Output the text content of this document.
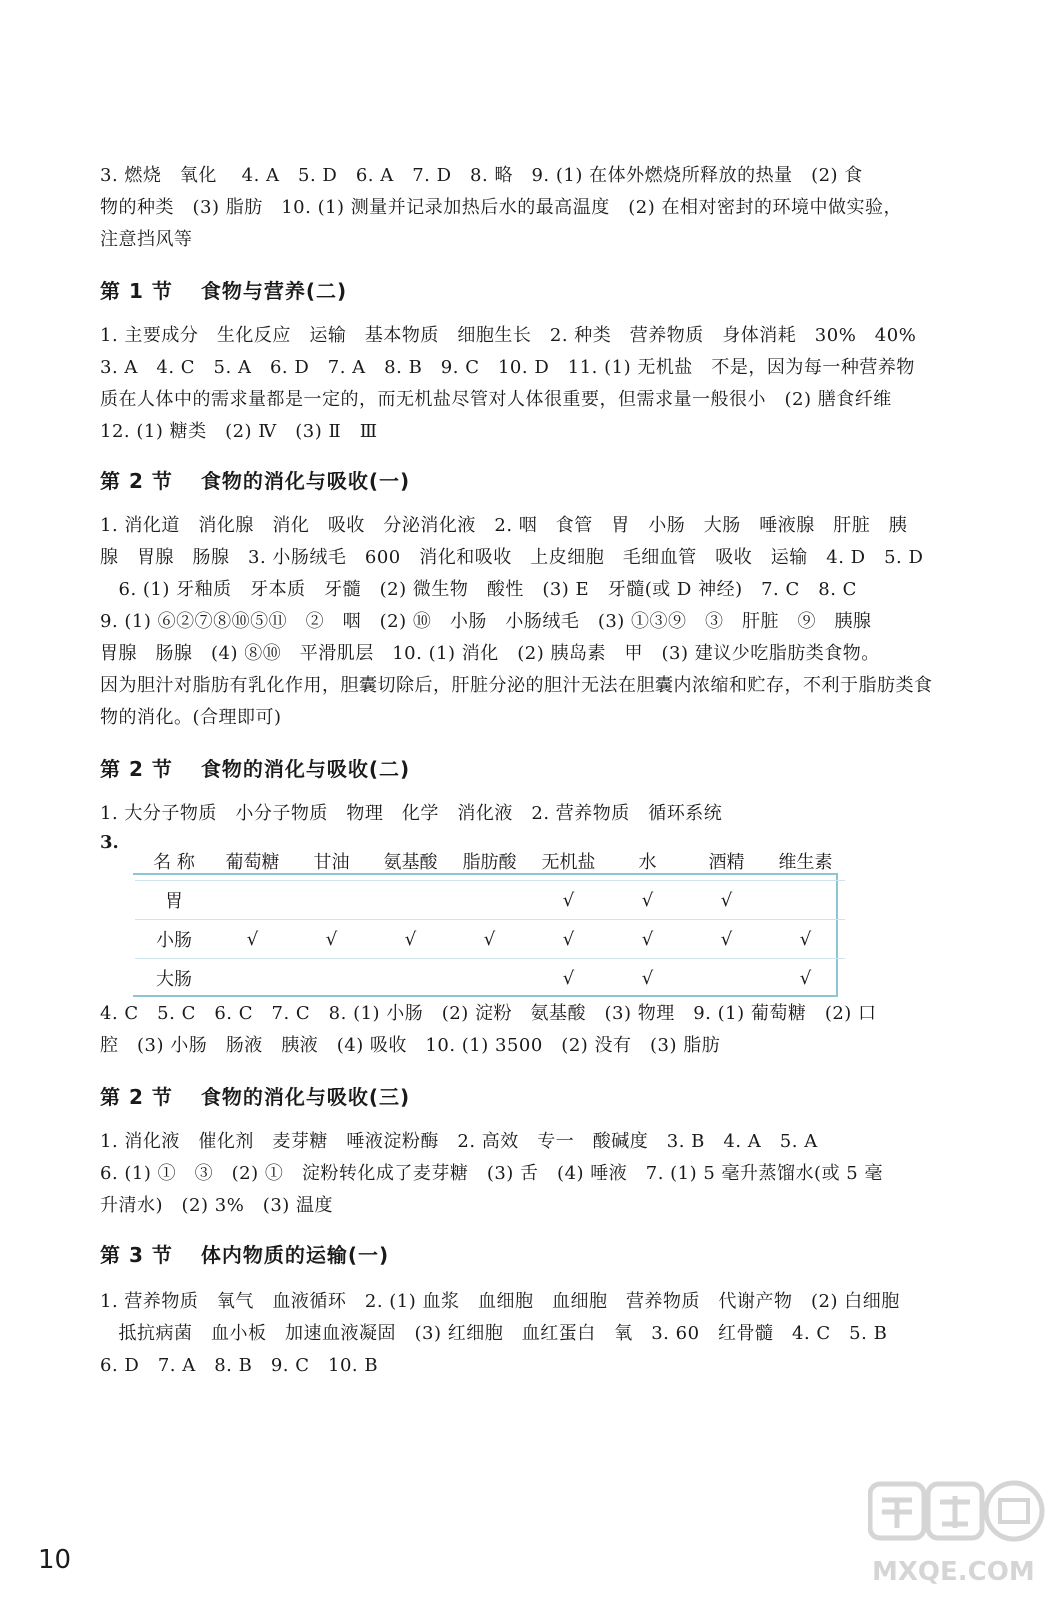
3. 燃烧　氧化　 4. A　5. D　6. A　7. D　8. 略　9. (1) 在体外燃烧所释放的热量　(2) 食
物的种类　(3) 脂肪　10. (1) 测量并记录加热后水的最高温度　(2) 在相对密封的环境中做实验，
注意挡风等
第 1 节 食物与营养(二)
1. 主要成分　生化反应　运输　基本物质　细胞生长　2. 种类　营养物质　身体消耗　30%　40%
3. A　4. C　5. A　6. D　7. A　8. B　9. C　10. D　11. (1) 无机盐　不是，因为每一种营养物
质在人体中的需求量都是一定的，而无机盐尽管对人体很重要，但需求量一般很小　(2) 膳食纤维
12. (1) 糖类　(2) Ⅳ　(3) Ⅱ　Ⅲ
第 2 节 食物的消化与吸收(一)
1. 消化道　消化腺　消化　吸收　分泌消化液　2. 咽　食管　胃　小肠　大肠　唾液腺　肝脏　胰
腺　胃腺　肠腺　3. 小肠绒毛　600　消化和吸收　上皮细胞　毛细血管　吸收　运输　4. D　5. D
　6. (1) 牙釉质　牙本质　牙髓　(2) 微生物　酸性　(3) E　牙髓(或 D 神经)　7. C　8. C
9. (1) ⑥②⑦⑧⑩⑤⑪　②　咽　(2) ⑩　小肠　小肠绒毛　(3) ①③⑨　③　肝脏　⑨　胰腺
胃腺　肠腺　(4) ⑧⑩　平滑肌层　10. (1) 消化　(2) 胰岛素　甲　(3) 建议少吃脂肪类食物。
因为胆汁对脂肪有乳化作用，胆囊切除后，肝脏分泌的胆汁无法在胆囊内浓缩和贮存，不利于脂肪类食
物的消化。(合理即可)
第 2 节 食物的消化与吸收(二)
1. 大分子物质　小分子物质　物理　化学　消化液　2. 营养物质　循环系统
3.
名 称	葡萄糖	甘油	氨基酸	脂肪酸	无机盐	水	酒精	维生素
胃					√	√	√	
小肠	√	√	√	√	√	√	√	√
大肠					√	√		√
4. C　5. C　6. C　7. C　8. (1) 小肠　(2) 淀粉　氨基酸　(3) 物理　9. (1) 葡萄糖　(2) 口
腔　(3) 小肠　肠液　胰液　(4) 吸收　10. (1) 3500　(2) 没有　(3) 脂肪
第 2 节 食物的消化与吸收(三)
1. 消化液　催化剂　麦芽糖　唾液淀粉酶　2. 高效　专一　酸碱度　3. B　4. A　5. A
6. (1) ①　③　(2) ①　淀粉转化成了麦芽糖　(3) 舌　(4) 唾液　7. (1) 5 毫升蒸馏水(或 5 毫
升清水)　(2) 3%　(3) 温度
第 3 节 体内物质的运输(一)
1. 营养物质　氧气　血液循环　2. (1) 血浆　血细胞　血细胞　营养物质　代谢产物　(2) 白细胞
　抵抗病菌　血小板　加速血液凝固　(3) 红细胞　血红蛋白　氧　3. 60　红骨髓　4. C　5. B
6. D　7. A　8. B　9. C　10. B
10	MXQE.COM
